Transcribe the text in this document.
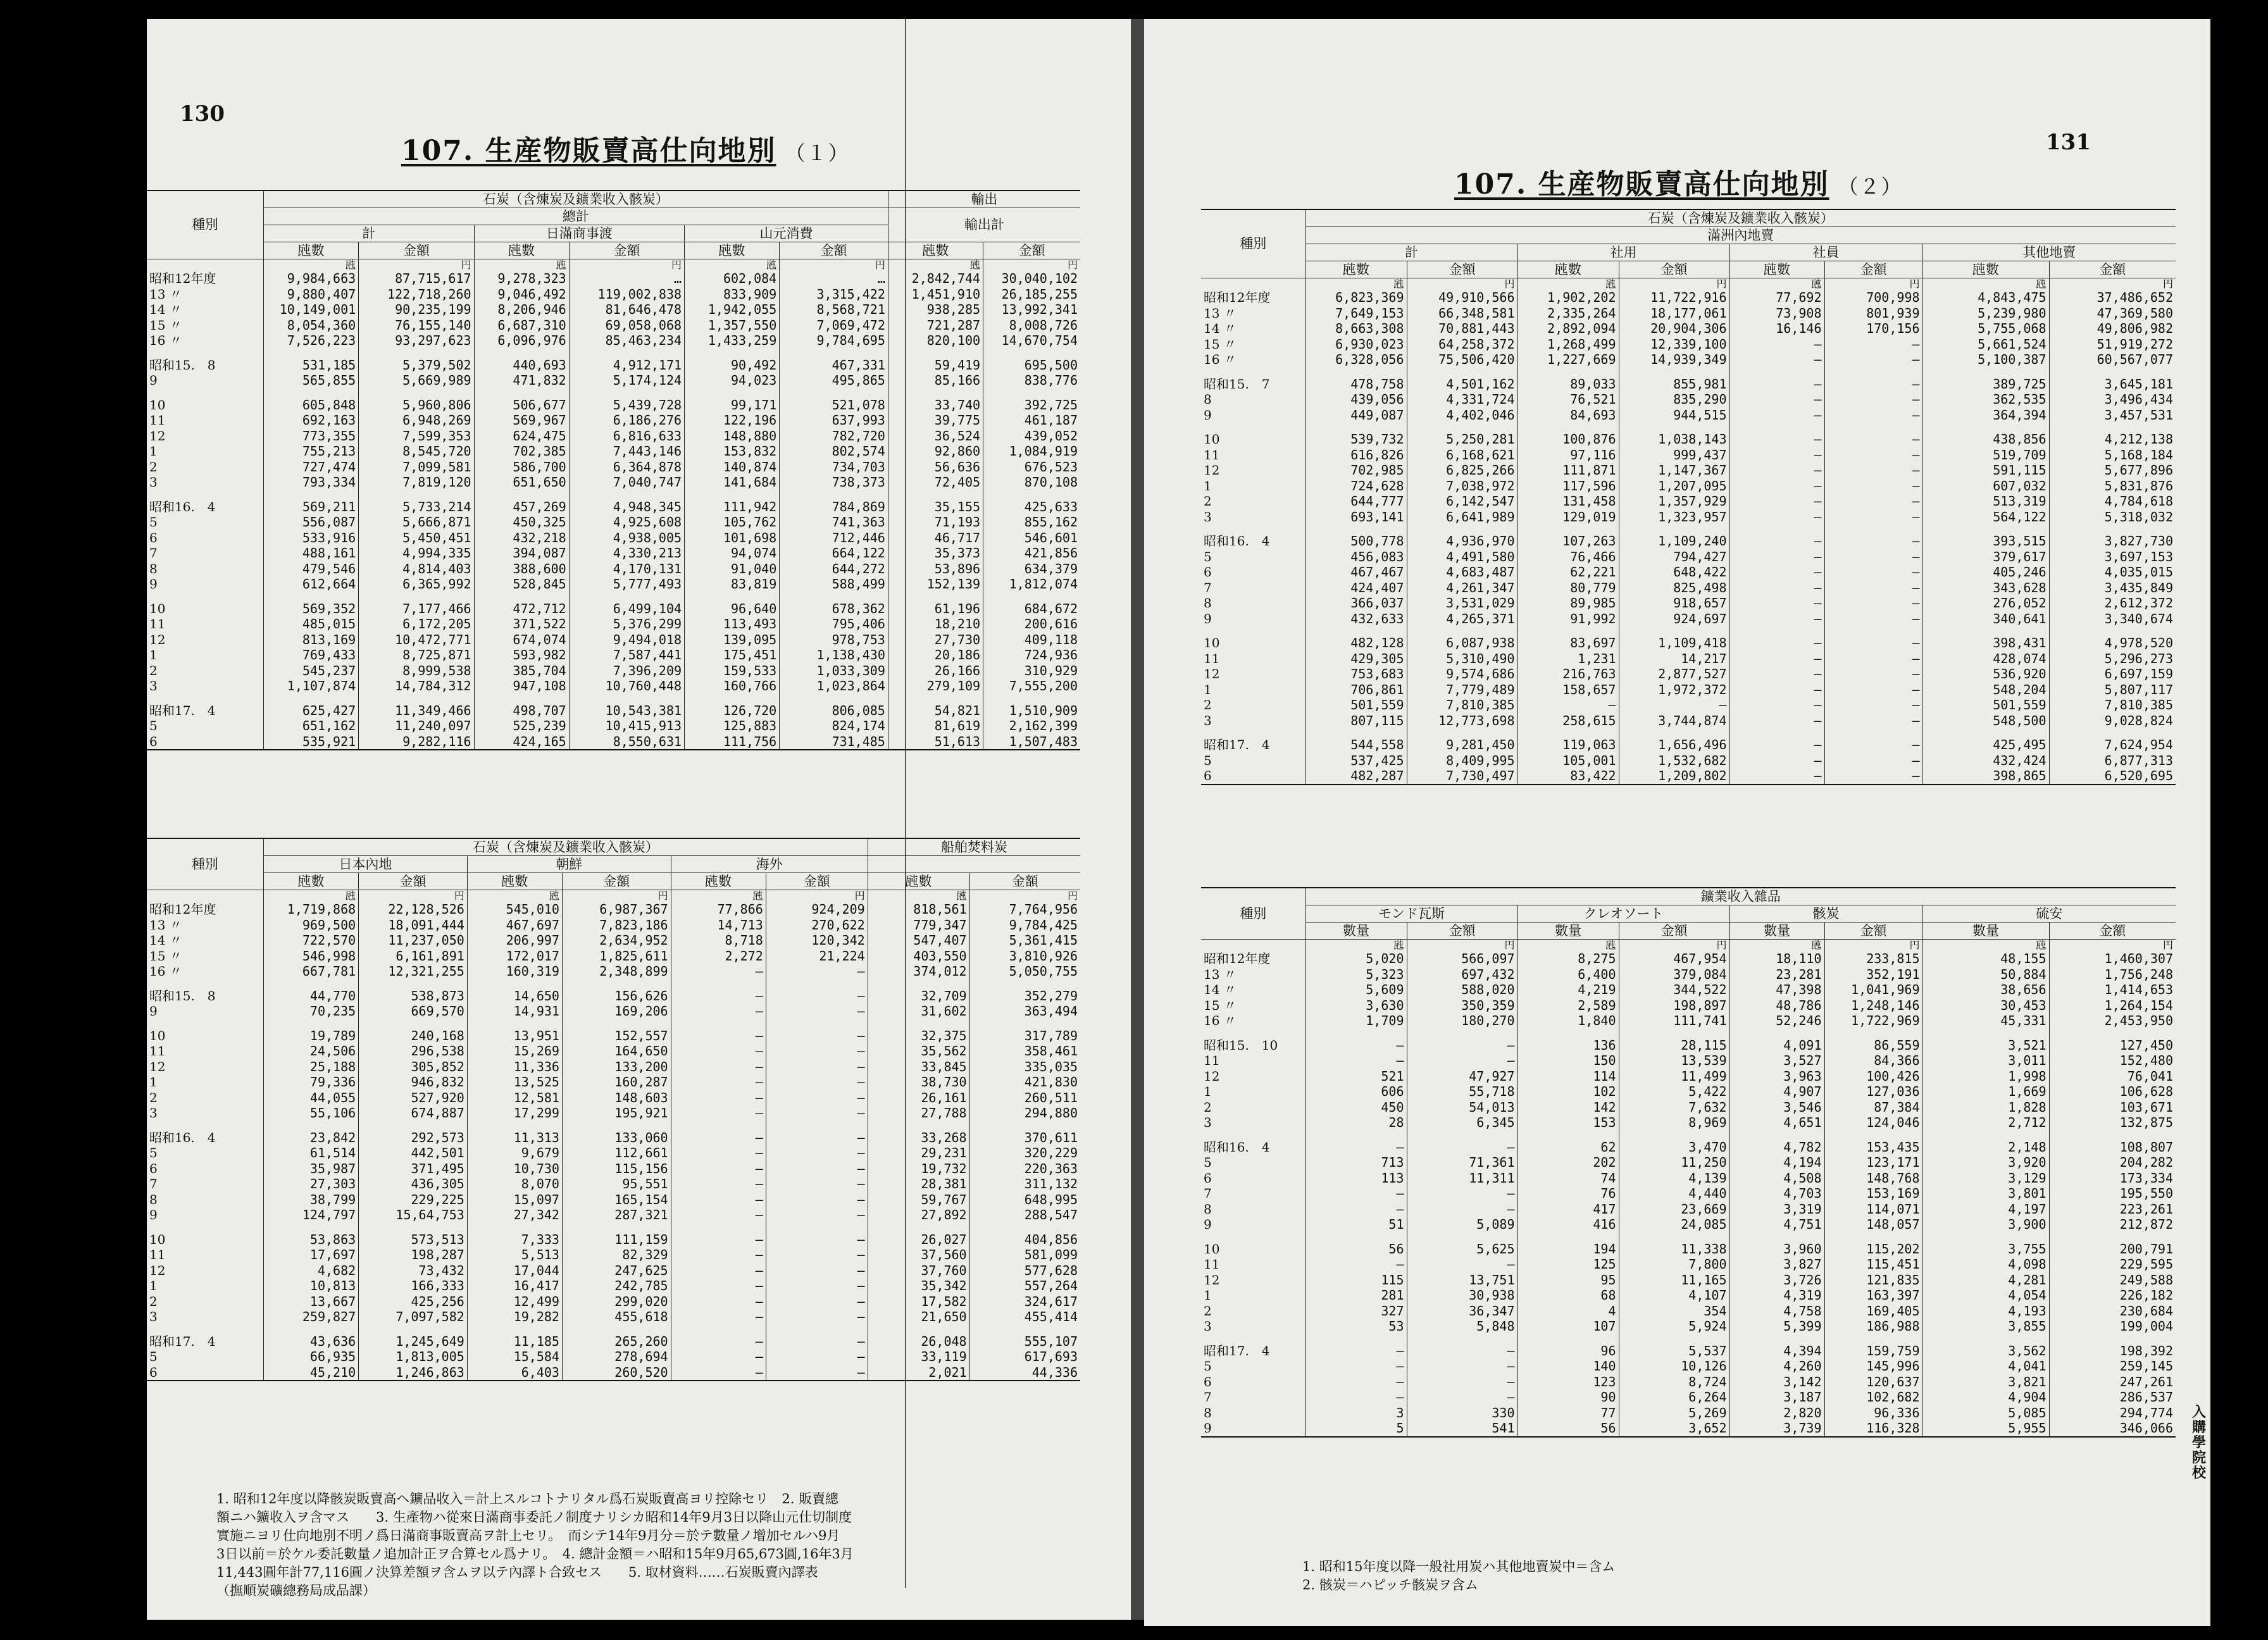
130
107. 生産物販賣高仕向地別 （１）
種別	石炭（含煉炭及鑛業收入骸炭）						輸出	
	總計						輸出計	
	計		日滿商事渡		山元消費			
	瓲數	金額	瓲數	金額	瓲數	金額	瓲數	金額
	瓲	円	瓲	円	瓲	円	瓲	円
昭和12年度	9,984,663	87,715,617	9,278,323	…	602,084	…	2,842,744	30,040,102
13 〃	9,880,407	122,718,260	9,046,492	119,002,838	833,909	3,315,422	1,451,910	26,185,255
14 〃	10,149,001	90,235,199	8,206,946	81,646,478	1,942,055	8,568,721	938,285	13,992,341
15 〃	8,054,360	76,155,140	6,687,310	69,058,068	1,357,550	7,069,472	721,287	8,008,726
16 〃	7,526,223	93,297,623	6,096,976	85,463,234	1,433,259	9,784,695	820,100	14,670,754

昭和15.　8	531,185	5,379,502	440,693	4,912,171	90,492	467,331	59,419	695,500
9	565,855	5,669,989	471,832	5,174,124	94,023	495,865	85,166	838,776

10	605,848	5,960,806	506,677	5,439,728	99,171	521,078	33,740	392,725
11	692,163	6,948,269	569,967	6,186,276	122,196	637,993	39,775	461,187
12	773,355	7,599,353	624,475	6,816,633	148,880	782,720	36,524	439,052
1	755,213	8,545,720	702,385	7,443,146	153,832	802,574	92,860	1,084,919
2	727,474	7,099,581	586,700	6,364,878	140,874	734,703	56,636	676,523
3	793,334	7,819,120	651,650	7,040,747	141,684	738,373	72,405	870,108

昭和16.　4	569,211	5,733,214	457,269	4,948,345	111,942	784,869	35,155	425,633
5	556,087	5,666,871	450,325	4,925,608	105,762	741,363	71,193	855,162
6	533,916	5,450,451	432,218	4,938,005	101,698	712,446	46,717	546,601
7	488,161	4,994,335	394,087	4,330,213	94,074	664,122	35,373	421,856
8	479,546	4,814,403	388,600	4,170,131	91,040	644,272	53,896	634,379
9	612,664	6,365,992	528,845	5,777,493	83,819	588,499	152,139	1,812,074

10	569,352	7,177,466	472,712	6,499,104	96,640	678,362	61,196	684,672
11	485,015	6,172,205	371,522	5,376,299	113,493	795,406	18,210	200,616
12	813,169	10,472,771	674,074	9,494,018	139,095	978,753	27,730	409,118
1	769,433	8,725,871	593,982	7,587,441	175,451	1,138,430	20,186	724,936
2	545,237	8,999,538	385,704	7,396,209	159,533	1,033,309	26,166	310,929
3	1,107,874	14,784,312	947,108	10,760,448	160,766	1,023,864	279,109	7,555,200

昭和17.　4	625,427	11,349,466	498,707	10,543,381	126,720	806,085	54,821	1,510,909
5	651,162	11,240,097	525,239	10,415,913	125,883	824,174	81,619	2,162,399
6	535,921	9,282,116	424,165	8,550,631	111,756	731,485	51,613	1,507,483
種別	石炭（含煉炭及鑛業收入骸炭）						船舶焚料炭	
	日本內地		朝鮮		海外			
	瓲數	金額	瓲數	金額	瓲數	金額	瓲數	金額
	瓲	円	瓲	円	瓲	円	瓲	円
昭和12年度	1,719,868	22,128,526	545,010	6,987,367	77,866	924,209	818,561	7,764,956
13 〃	969,500	18,091,444	467,697	7,823,186	14,713	270,622	779,347	9,784,425
14 〃	722,570	11,237,050	206,997	2,634,952	8,718	120,342	547,407	5,361,415
15 〃	546,998	6,161,891	172,017	1,825,611	2,272	21,224	403,550	3,810,926
16 〃	667,781	12,321,255	160,319	2,348,899	—	—	374,012	5,050,755

昭和15.　8	44,770	538,873	14,650	156,626	—	—	32,709	352,279
9	70,235	669,570	14,931	169,206	—	—	31,602	363,494

10	19,789	240,168	13,951	152,557	—	—	32,375	317,789
11	24,506	296,538	15,269	164,650	—	—	35,562	358,461
12	25,188	305,852	11,336	133,200	—	—	33,845	335,035
1	79,336	946,832	13,525	160,287	—	—	38,730	421,830
2	44,055	527,920	12,581	148,603	—	—	26,161	260,511
3	55,106	674,887	17,299	195,921	—	—	27,788	294,880

昭和16.　4	23,842	292,573	11,313	133,060	—	—	33,268	370,611
5	61,514	442,501	9,679	112,661	—	—	29,231	320,229
6	35,987	371,495	10,730	115,156	—	—	19,732	220,363
7	27,303	436,305	8,070	95,551	—	—	28,381	311,132
8	38,799	229,225	15,097	165,154	—	—	59,767	648,995
9	124,797	15,64,753	27,342	287,321	—	—	27,892	288,547

10	53,863	573,513	7,333	111,159	—	—	26,027	404,856
11	17,697	198,287	5,513	82,329	—	—	37,560	581,099
12	4,682	73,432	17,044	247,625	—	—	37,760	577,628
1	10,813	166,333	16,417	242,785	—	—	35,342	557,264
2	13,667	425,256	12,499	299,020	—	—	17,582	324,617
3	259,827	7,097,582	19,282	455,618	—	—	21,650	455,414

昭和17.　4	43,636	1,245,649	11,185	265,260	—	—	26,048	555,107
5	66,935	1,813,005	15,584	278,694	—	—	33,119	617,693
6	45,210	1,246,863	6,403	260,520	—	—	2,021	44,336
1. 昭和12年度以降骸炭販賣高ヘ鑛品收入＝計上スルコトナリタル爲石炭販賣高ヨリ控除セリ　2. 販賣總
額ニハ鑛收入ヲ含マス　　3. 生產物ハ從來日滿商事委託ノ制度ナリシカ昭和14年9月3日以降山元仕切制度
實施ニヨリ仕向地別不明ノ爲日滿商事販賣高ヲ計上セリ。　而シテ14年9月分＝於テ數量ノ增加セルハ9月
3日以前＝於ケル委託數量ノ追加計正ヲ合算セル爲ナリ。　4. 總計金額＝ハ昭和15年9月65,673圓,16年3月
11,443圓年計77,116圓ノ決算差額ヲ含ムヲ以テ內譯ト合致セス　　5. 取材資料……石炭販賣內譯表
（撫順炭礦總務局成品課）
131
107. 生産物販賣高仕向地別 （２）
種別	石炭（含煉炭及鑛業收入骸炭）							
	滿洲內地賣							
	計		社用		社員		其他地賣	
	瓲數	金額	瓲數	金額	瓲數	金額	瓲數	金額
	瓲	円	瓲	円	瓲	円	瓲	円
昭和12年度	6,823,369	49,910,566	1,902,202	11,722,916	77,692	700,998	4,843,475	37,486,652
13 〃	7,649,153	66,348,581	2,335,264	18,177,061	73,908	801,939	5,239,980	47,369,580
14 〃	8,663,308	70,881,443	2,892,094	20,904,306	16,146	170,156	5,755,068	49,806,982
15 〃	6,930,023	64,258,372	1,268,499	12,339,100	—	—	5,661,524	51,919,272
16 〃	6,328,056	75,506,420	1,227,669	14,939,349	—	—	5,100,387	60,567,077

昭和15.　7	478,758	4,501,162	89,033	855,981	—	—	389,725	3,645,181
8	439,056	4,331,724	76,521	835,290	—	—	362,535	3,496,434
9	449,087	4,402,046	84,693	944,515	—	—	364,394	3,457,531

10	539,732	5,250,281	100,876	1,038,143	—	—	438,856	4,212,138
11	616,826	6,168,621	97,116	999,437	—	—	519,709	5,168,184
12	702,985	6,825,266	111,871	1,147,367	—	—	591,115	5,677,896
1	724,628	7,038,972	117,596	1,207,095	—	—	607,032	5,831,876
2	644,777	6,142,547	131,458	1,357,929	—	—	513,319	4,784,618
3	693,141	6,641,989	129,019	1,323,957	—	—	564,122	5,318,032

昭和16.　4	500,778	4,936,970	107,263	1,109,240	—	—	393,515	3,827,730
5	456,083	4,491,580	76,466	794,427	—	—	379,617	3,697,153
6	467,467	4,683,487	62,221	648,422	—	—	405,246	4,035,015
7	424,407	4,261,347	80,779	825,498	—	—	343,628	3,435,849
8	366,037	3,531,029	89,985	918,657	—	—	276,052	2,612,372
9	432,633	4,265,371	91,992	924,697	—	—	340,641	3,340,674

10	482,128	6,087,938	83,697	1,109,418	—	—	398,431	4,978,520
11	429,305	5,310,490	1,231	14,217	—	—	428,074	5,296,273
12	753,683	9,574,686	216,763	2,877,527	—	—	536,920	6,697,159
1	706,861	7,779,489	158,657	1,972,372	—	—	548,204	5,807,117
2	501,559	7,810,385	—	—	—	—	501,559	7,810,385
3	807,115	12,773,698	258,615	3,744,874	—	—	548,500	9,028,824

昭和17.　4	544,558	9,281,450	119,063	1,656,496	—	—	425,495	7,624,954
5	537,425	8,409,995	105,001	1,532,682	—	—	432,424	6,877,313
6	482,287	7,730,497	83,422	1,209,802	—	—	398,865	6,520,695
種別	鑛業收入雜品							
	モンド瓦斯		クレオソート		骸炭		硫安	
	數量	金額	數量	金額	數量	金額	數量	金額
	瓲	円	瓲	円	瓲	円	瓲	円
昭和12年度	5,020	566,097	8,275	467,954	18,110	233,815	48,155	1,460,307
13 〃	5,323	697,432	6,400	379,084	23,281	352,191	50,884	1,756,248
14 〃	5,609	588,020	4,219	344,522	47,398	1,041,969	38,656	1,414,653
15 〃	3,630	350,359	2,589	198,897	48,786	1,248,146	30,453	1,264,154
16 〃	1,709	180,270	1,840	111,741	52,246	1,722,969	45,331	2,453,950

昭和15.　10	—	—	136	28,115	4,091	86,559	3,521	127,450
11	—	—	150	13,539	3,527	84,366	3,011	152,480
12	521	47,927	114	11,499	3,963	100,426	1,998	76,041
1	606	55,718	102	5,422	4,907	127,036	1,669	106,628
2	450	54,013	142	7,632	3,546	87,384	1,828	103,671
3	28	6,345	153	8,969	4,651	124,046	2,712	132,875

昭和16.　4	—	—	62	3,470	4,782	153,435	2,148	108,807
5	713	71,361	202	11,250	4,194	123,171	3,920	204,282
6	113	11,311	74	4,139	4,508	148,768	3,129	173,334
7	—	—	76	4,440	4,703	153,169	3,801	195,550
8	—	—	417	23,669	3,319	114,071	4,197	223,261
9	51	5,089	416	24,085	4,751	148,057	3,900	212,872

10	56	5,625	194	11,338	3,960	115,202	3,755	200,791
11	—	—	125	7,800	3,827	115,451	4,098	229,595
12	115	13,751	95	11,165	3,726	121,835	4,281	249,588
1	281	30,938	68	4,107	4,319	163,397	4,054	226,182
2	327	36,347	4	354	4,758	169,405	4,193	230,684
3	53	5,848	107	5,924	5,399	186,988	3,855	199,004

昭和17.　4	—	—	96	5,537	4,394	159,759	3,562	198,392
5	—	—	140	10,126	4,260	145,996	4,041	259,145
6	—	—	123	8,724	3,142	120,637	3,821	247,261
7	—	—	90	6,264	3,187	102,682	4,904	286,537
8	3	330	77	5,269	2,820	96,336	5,085	294,774
9	5	541	56	3,652	3,739	116,328	5,955	346,066
1. 昭和15年度以降一般社用炭ハ其他地賣炭中＝含ム
2. 骸炭＝ハピッチ骸炭ヲ含ム
入購學院校
